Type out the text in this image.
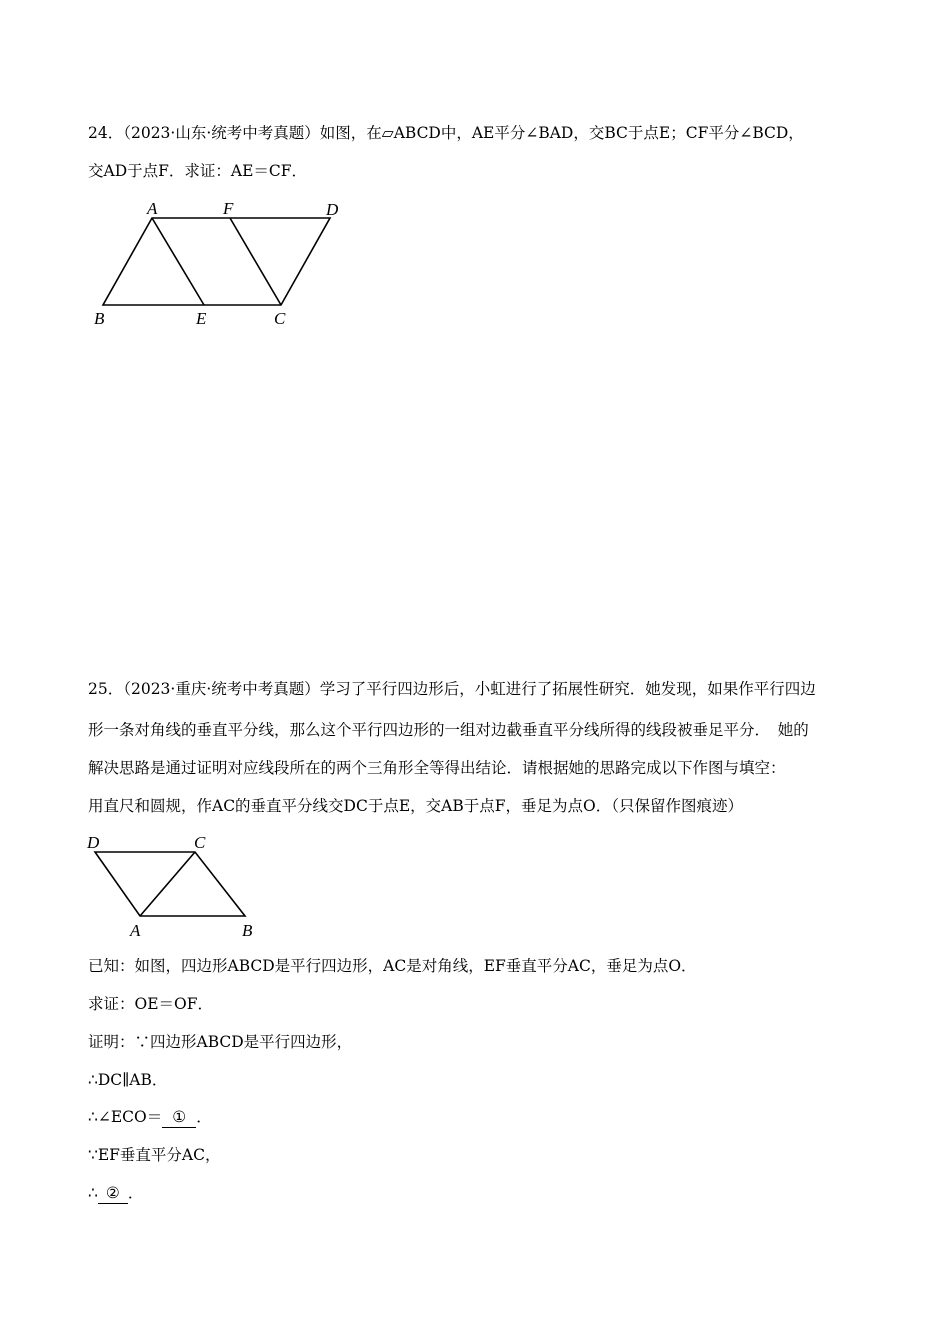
24．（2023·山东·统考中考真题）如图，在▱ABCD中，AE平分∠BAD，交BC于点E；CF平分∠BCD，
交AD于点F．求证：AE＝CF．
A	F	D
B	E	C
D	C
A	B
25．（2023·重庆·统考中考真题）学习了平行四边形后，小虹进行了拓展性研究．她发现，如果作平行四边
形一条对角线的垂直平分线，那么这个平行四边形的一组对边截垂直平分线所得的线段被垂足平分．　她的
解决思路是通过证明对应线段所在的两个三角形全等得出结论．请根据她的思路完成以下作图与填空：
用直尺和圆规，作AC的垂直平分线交DC于点E，交AB于点F，垂足为点O．（只保留作图痕迹）
已知：如图，四边形ABCD是平行四边形，AC是对角线，EF垂直平分AC，垂足为点O．
求证：OE＝OF．
证明：∵四边形ABCD是平行四边形，
∴DC∥AB．
∴∠ECO＝ ① ．
∵EF垂直平分AC，
∴ ② ．
